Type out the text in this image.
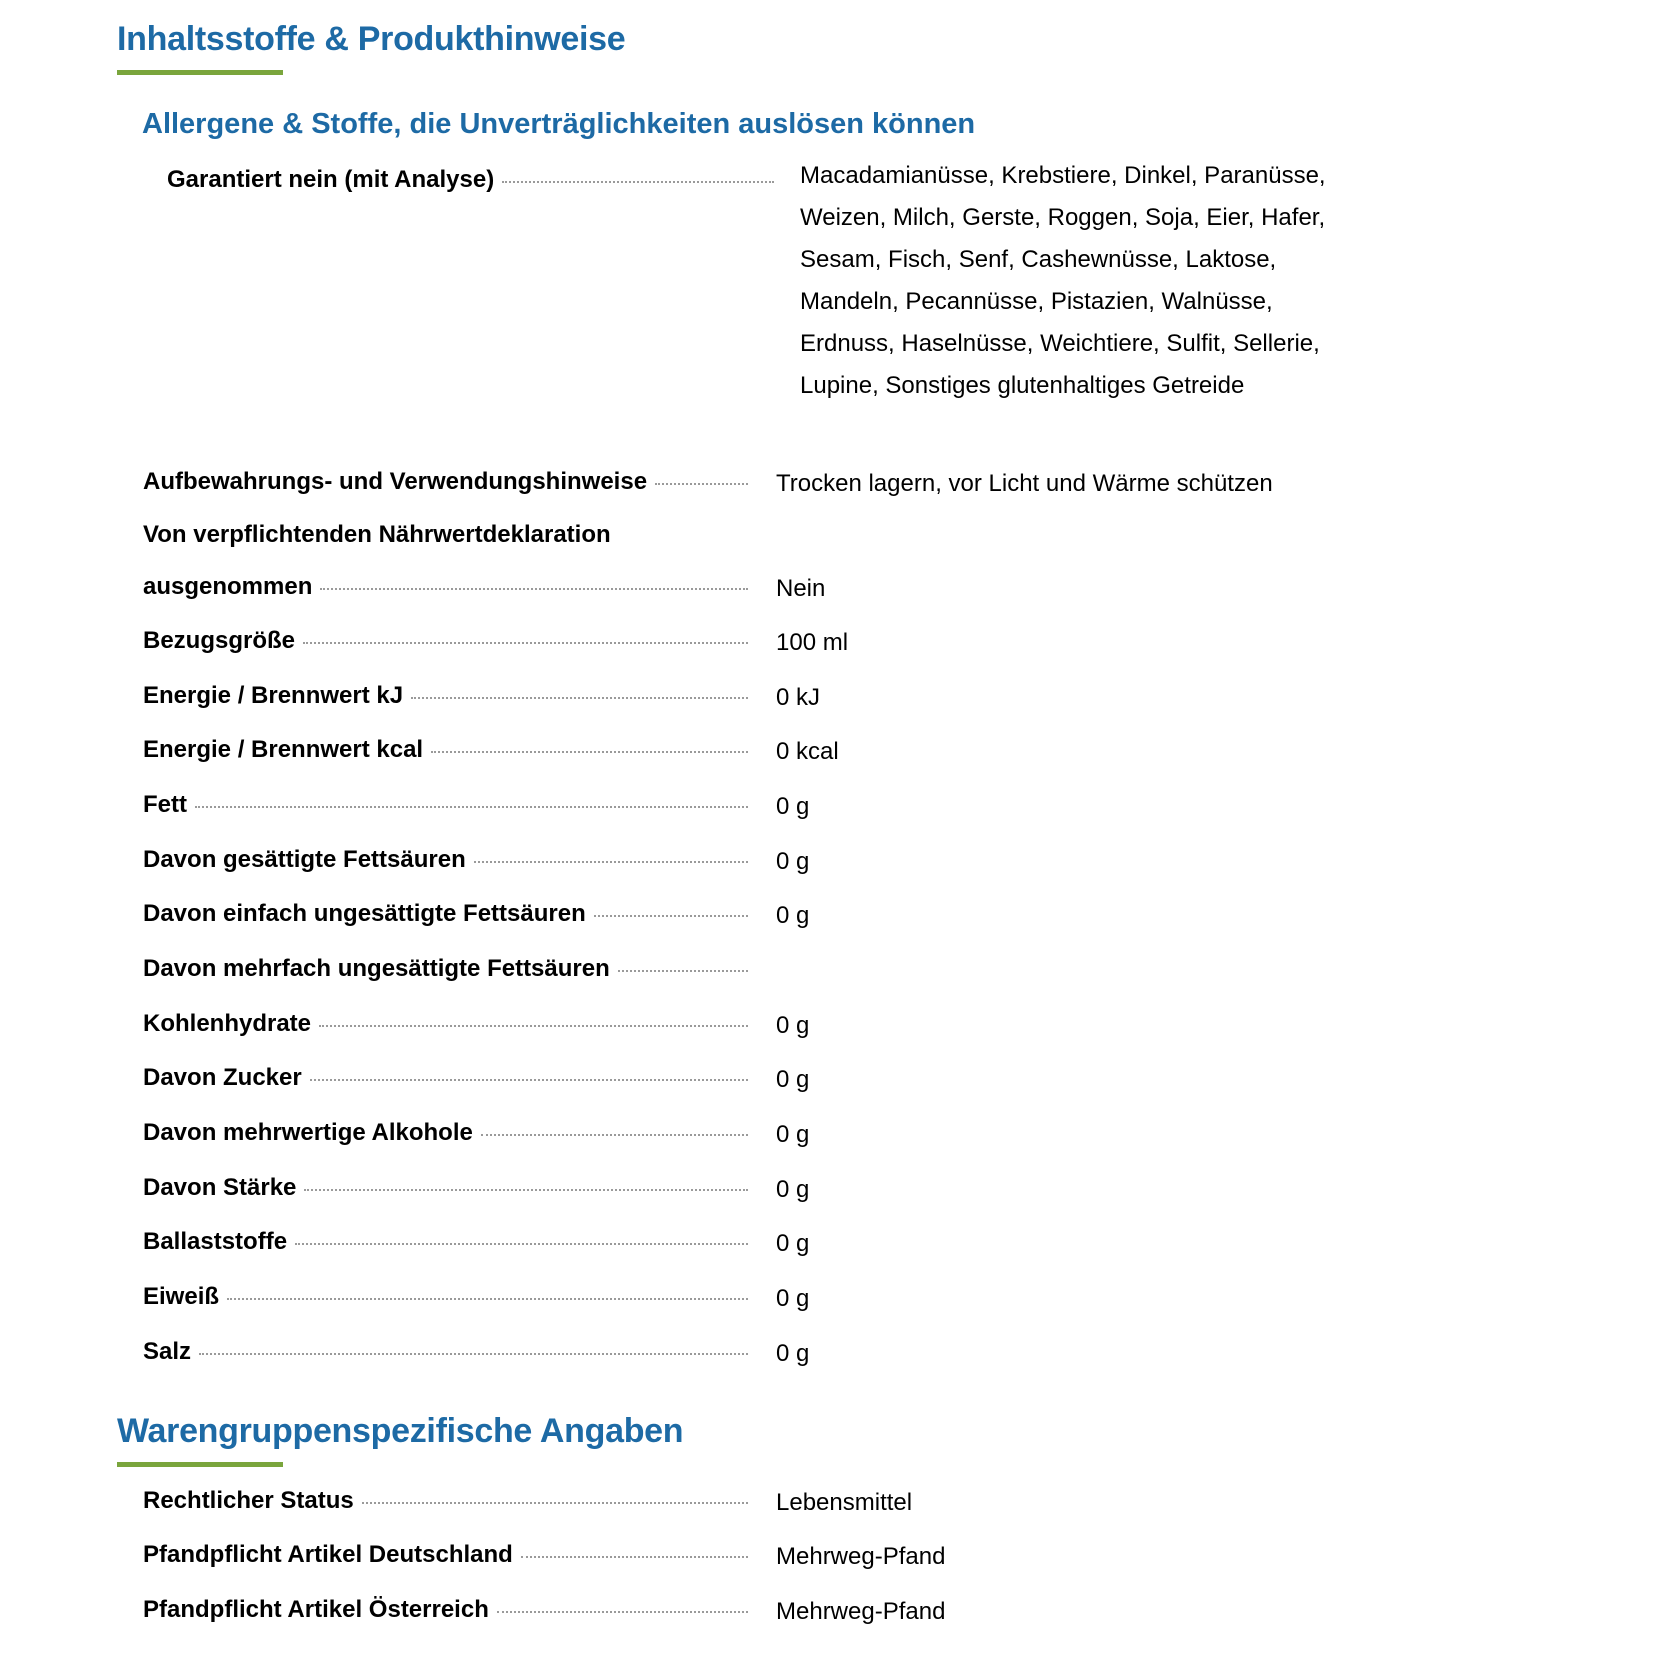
Inhaltsstoffe & Produkthinweise
Allergene & Stoffe, die Unverträglichkeiten auslösen können
Garantiert nein (mit Analyse)	Macadamianüsse, Krebstiere, Dinkel, Paranüsse, Weizen, Milch, Gerste, Roggen, Soja, Eier, Hafer, Sesam, Fisch, Senf, Cashewnüsse, Laktose, Mandeln, Pecannüsse, Pistazien, Walnüsse, Erdnuss, Haselnüsse, Weichtiere, Sulfit, Sellerie, Lupine, Sonstiges glutenhaltiges Getreide
Aufbewahrungs- und Verwendungshinweise	Trocken lagern, vor Licht und Wärme schützen
Von verpflichtenden Nährwertdeklaration
ausgenommen	Nein
Bezugsgröße	100 ml
Energie / Brennwert kJ	0 kJ
Energie / Brennwert kcal	0 kcal
Fett	0 g
Davon gesättigte Fettsäuren	0 g
Davon einfach ungesättigte Fettsäuren	0 g
Davon mehrfach ungesättigte Fettsäuren
Kohlenhydrate	0 g
Davon Zucker	0 g
Davon mehrwertige Alkohole	0 g
Davon Stärke	0 g
Ballaststoffe	0 g
Eiweiß	0 g
Salz	0 g
Warengruppenspezifische Angaben
Rechtlicher Status	Lebensmittel
Pfandpflicht Artikel Deutschland	Mehrweg-Pfand
Pfandpflicht Artikel Österreich	Mehrweg-Pfand
